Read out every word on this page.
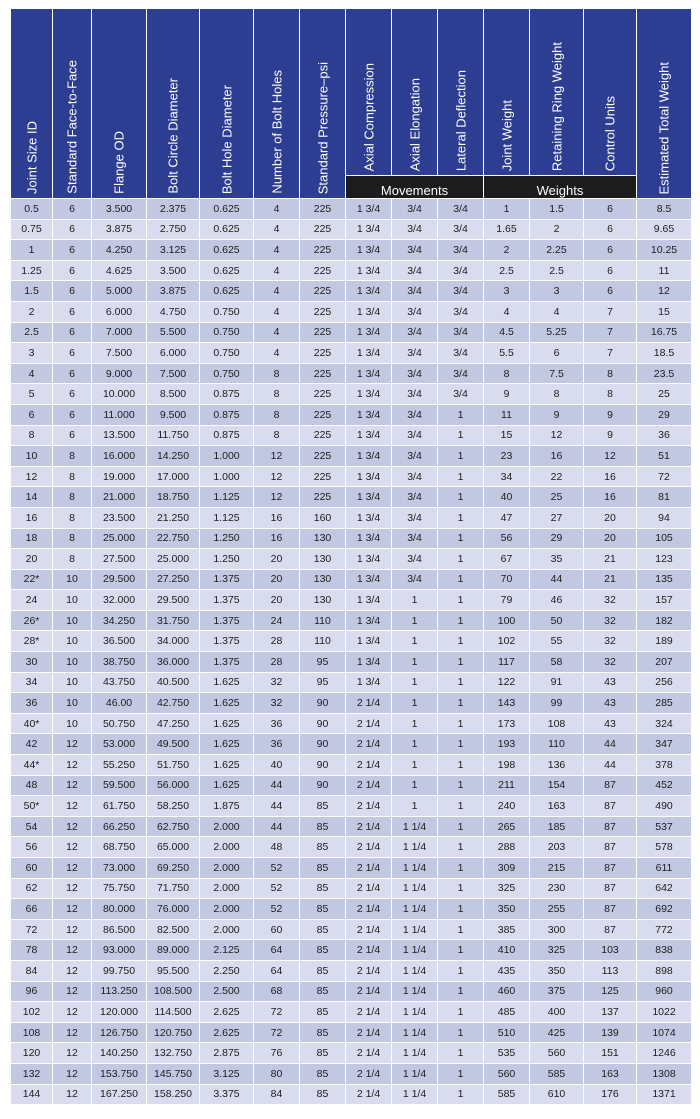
Joint Size ID	Standard Face-to-Face	Flange OD	Bolt Circle Diameter	Bolt Hole Diameter	Number of Bolt Holes	Standard Pressure–psi	Axial Compression	Axial Elongation	Lateral Deflection	Joint Weight	Retaining Ring Weight	Control Units	Estimated Total Weight

							Movements			Weights			
0.5	6	3.500	2.375	0.625	4	225	1 3/4	3/4	3/4	1	1.5	6	8.5
0.75	6	3.875	2.750	0.625	4	225	1 3/4	3/4	3/4	1.65	2	6	9.65
1	6	4.250	3.125	0.625	4	225	1 3/4	3/4	3/4	2	2.25	6	10.25
1.25	6	4.625	3.500	0.625	4	225	1 3/4	3/4	3/4	2.5	2.5	6	11
1.5	6	5.000	3.875	0.625	4	225	1 3/4	3/4	3/4	3	3	6	12
2	6	6.000	4.750	0.750	4	225	1 3/4	3/4	3/4	4	4	7	15
2.5	6	7.000	5.500	0.750	4	225	1 3/4	3/4	3/4	4.5	5.25	7	16.75
3	6	7.500	6.000	0.750	4	225	1 3/4	3/4	3/4	5.5	6	7	18.5
4	6	9.000	7.500	0.750	8	225	1 3/4	3/4	3/4	8	7.5	8	23.5
5	6	10.000	8.500	0.875	8	225	1 3/4	3/4	3/4	9	8	8	25
6	6	11.000	9.500	0.875	8	225	1 3/4	3/4	1	11	9	9	29
8	6	13.500	11.750	0.875	8	225	1 3/4	3/4	1	15	12	9	36
10	8	16.000	14.250	1.000	12	225	1 3/4	3/4	1	23	16	12	51
12	8	19.000	17.000	1.000	12	225	1 3/4	3/4	1	34	22	16	72
14	8	21.000	18.750	1.125	12	225	1 3/4	3/4	1	40	25	16	81
16	8	23.500	21.250	1.125	16	160	1 3/4	3/4	1	47	27	20	94
18	8	25.000	22.750	1.250	16	130	1 3/4	3/4	1	56	29	20	105
20	8	27.500	25.000	1.250	20	130	1 3/4	3/4	1	67	35	21	123
22*	10	29.500	27.250	1.375	20	130	1 3/4	3/4	1	70	44	21	135
24	10	32.000	29.500	1.375	20	130	1 3/4	1	1	79	46	32	157
26*	10	34.250	31.750	1.375	24	110	1 3/4	1	1	100	50	32	182
28*	10	36.500	34.000	1.375	28	110	1 3/4	1	1	102	55	32	189
30	10	38.750	36.000	1.375	28	95	1 3/4	1	1	117	58	32	207
34	10	43.750	40.500	1.625	32	95	1 3/4	1	1	122	91	43	256
36	10	46.00	42.750	1.625	32	90	2 1/4	1	1	143	99	43	285
40*	10	50.750	47.250	1.625	36	90	2 1/4	1	1	173	108	43	324
42	12	53.000	49.500	1.625	36	90	2 1/4	1	1	193	110	44	347
44*	12	55.250	51.750	1.625	40	90	2 1/4	1	1	198	136	44	378
48	12	59.500	56.000	1.625	44	90	2 1/4	1	1	211	154	87	452
50*	12	61.750	58.250	1.875	44	85	2 1/4	1	1	240	163	87	490
54	12	66.250	62.750	2.000	44	85	2 1/4	1 1/4	1	265	185	87	537
56	12	68.750	65.000	2.000	48	85	2 1/4	1 1/4	1	288	203	87	578
60	12	73.000	69.250	2.000	52	85	2 1/4	1 1/4	1	309	215	87	611
62	12	75.750	71.750	2.000	52	85	2 1/4	1 1/4	1	325	230	87	642
66	12	80.000	76.000	2.000	52	85	2 1/4	1 1/4	1	350	255	87	692
72	12	86.500	82.500	2.000	60	85	2 1/4	1 1/4	1	385	300	87	772
78	12	93.000	89.000	2.125	64	85	2 1/4	1 1/4	1	410	325	103	838
84	12	99.750	95.500	2.250	64	85	2 1/4	1 1/4	1	435	350	113	898
96	12	113.250	108.500	2.500	68	85	2 1/4	1 1/4	1	460	375	125	960
102	12	120.000	114.500	2.625	72	85	2 1/4	1 1/4	1	485	400	137	1022
108	12	126.750	120.750	2.625	72	85	2 1/4	1 1/4	1	510	425	139	1074
120	12	140.250	132.750	2.875	76	85	2 1/4	1 1/4	1	535	560	151	1246
132	12	153.750	145.750	3.125	80	85	2 1/4	1 1/4	1	560	585	163	1308
144	12	167.250	158.250	3.375	84	85	2 1/4	1 1/4	1	585	610	176	1371
